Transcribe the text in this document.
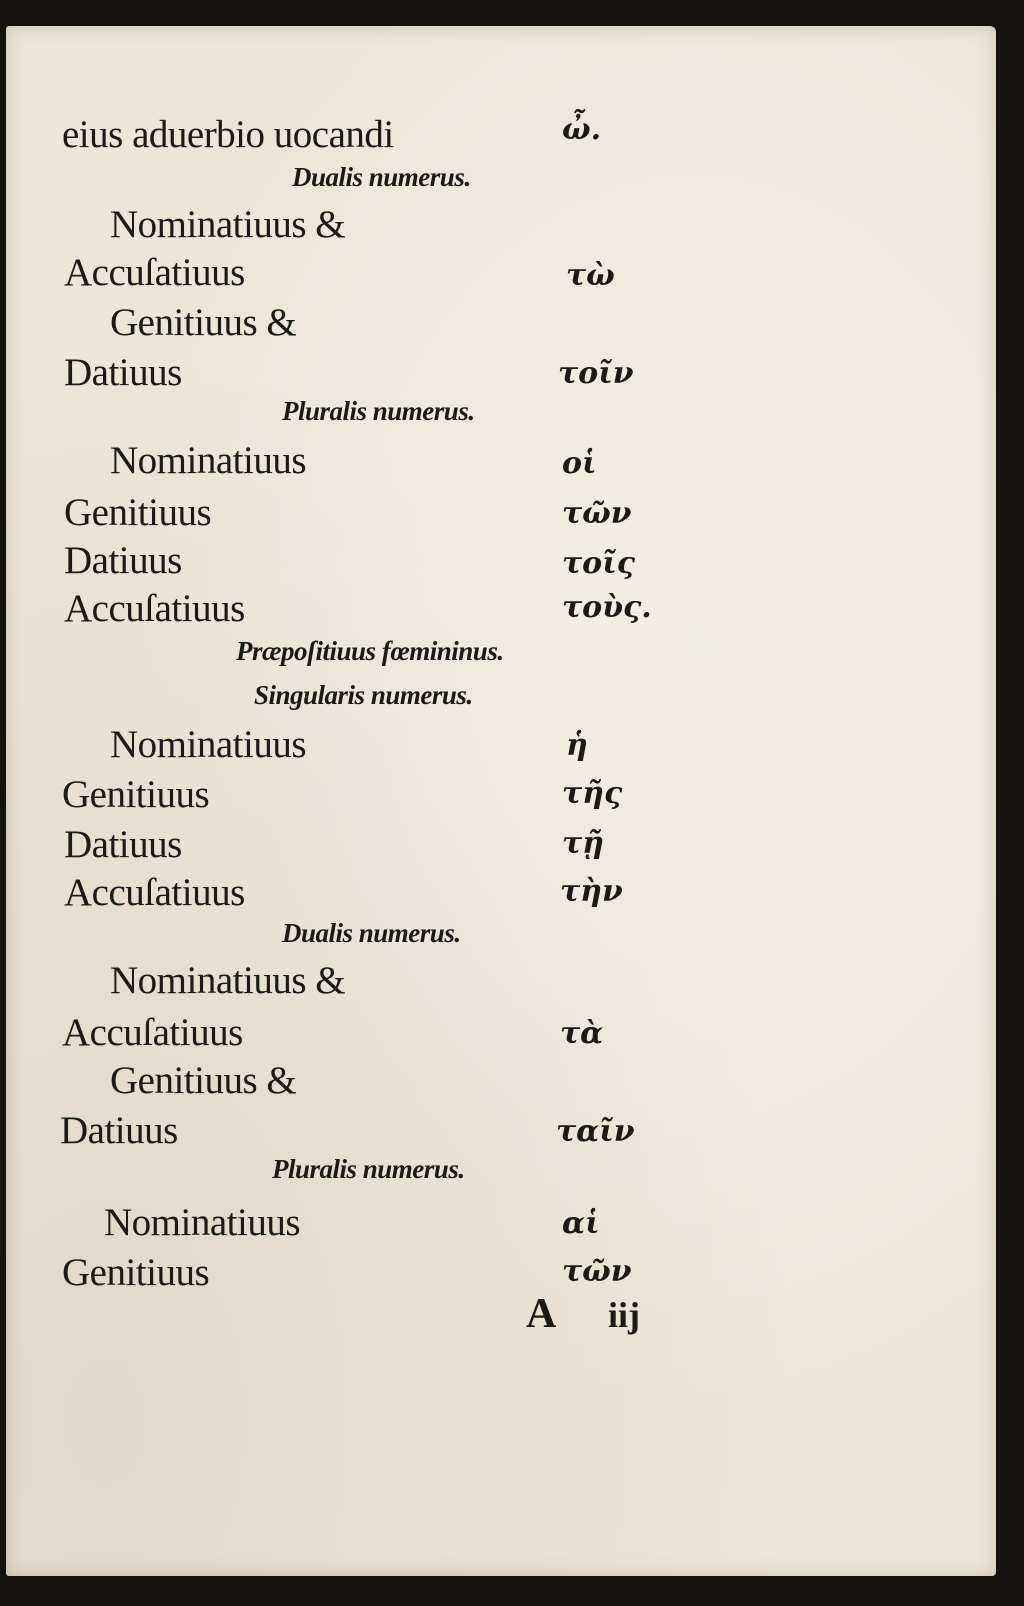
eius aduerbio uocandi
Dualis numerus.
Nominatiuus &
Accuſatiuus
Genitiuus &
Datiuus
Pluralis numerus.
Nominatiuus
Genitiuus
Datiuus
Accuſatiuus
Præpoſitiuus fœmininus.
Singularis numerus.
Nominatiuus
Genitiuus
Datiuus
Accuſatiuus
Dualis numerus.
Nominatiuus &
Accuſatiuus
Genitiuus &
Datiuus
Pluralis numerus.
Nominatiuus
Genitiuus
ὦ.
τὼ
τοῖν
οἱ
τῶν
τοῖς
τοὺς.
ἡ
τῆς
τῇ
τὴν
τὰ
ταῖν
αἱ
τῶν
A iij
